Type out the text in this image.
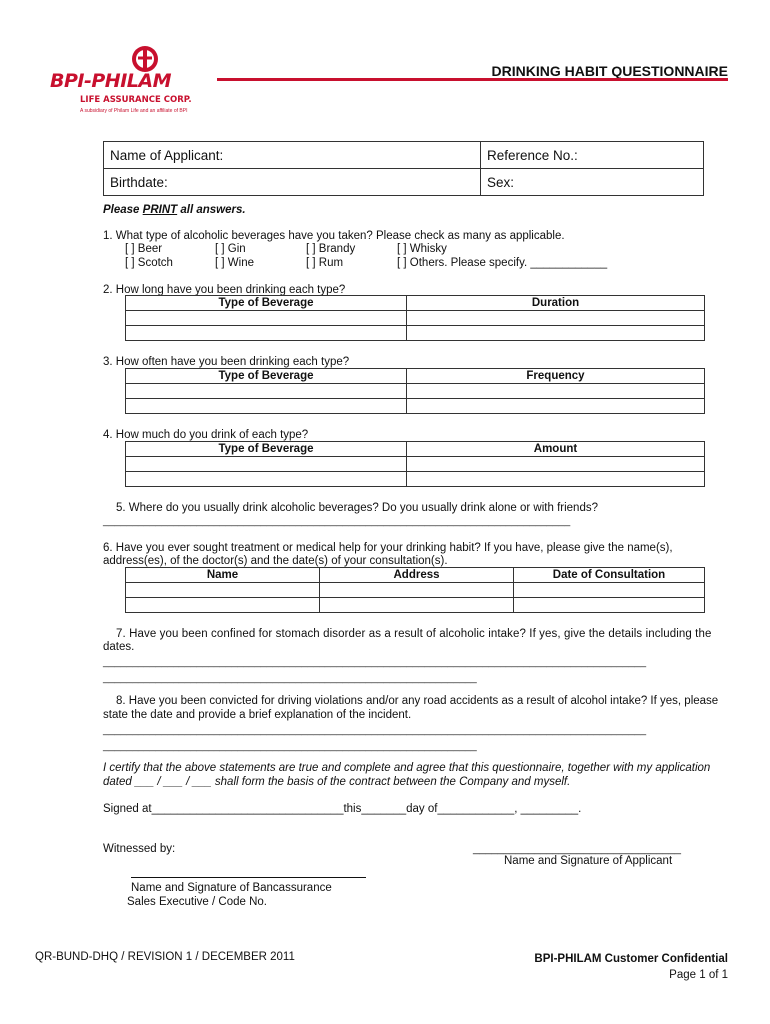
BPI-PHILAM
LIFE ASSURANCE CORP.
A subsidiary of Philam Life and an affiliate of BPI
DRINKING HABIT QUESTIONNAIRE
Name of Applicant:	Reference No.:
Birthdate:	Sex:
Please PRINT all answers.
1. What type of alcoholic beverages have you taken? Please check as many as applicable.
[ ] Beer	[ ] Gin	[ ] Brandy	[ ] Whisky
[ ] Scotch	[ ] Wine	[ ] Rum	[ ] Others. Please specify. ____________
2. How long have you been drinking each type?
Type of Beverage	Duration

3. How often have you been drinking each type?
Type of Beverage	Frequency

4. How much do you drink of each type?
Type of Beverage	Amount

5. Where do you usually drink alcoholic beverages? Do you usually drink alone or with friends?
________________________________________________________________________________
6. Have you ever sought treatment or medical help for your drinking habit? If you have, please give the name(s),
address(es), of the doctor(s) and the date(s) of your consultation(s).
Name	Address	Date of Consultation

7. Have you been confined for stomach disorder as a result of alcoholic intake? If yes, give the details including the
dates.
_____________________________________________________________________________________________
________________________________________________________________
8. Have you been convicted for driving violations and/or any road accidents as a result of alcohol intake? If yes, please
state the date and provide a brief explanation of the incident.
_____________________________________________________________________________________________
________________________________________________________________
I certify that the above statements are true and complete and agree that this questionnaire, together with my application
dated ___ / ___ / ___ shall form the basis of the contract between the Company and myself.
Signed at______________________________this_______day of____________, _________.
Witnessed by:	__________________________________
Name and Signature of Applicant
Name and Signature of Bancassurance
Sales Executive / Code No.
QR-BUND-DHQ / REVISION 1 / DECEMBER 2011	BPI-PHILAM Customer Confidential
Page 1 of 1
